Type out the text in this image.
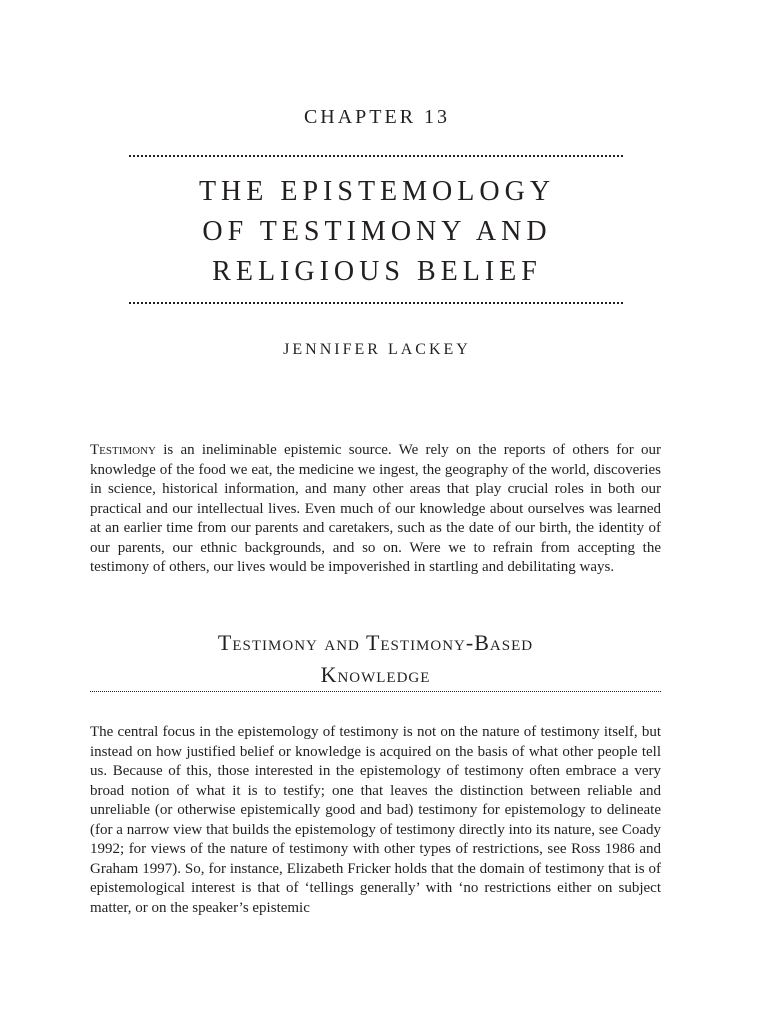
CHAPTER 13
THE EPISTEMOLOGY
OF TESTIMONY AND
RELIGIOUS BELIEF
JENNIFER LACKEY

Testimony is an ineliminable epistemic source. We rely on the reports of others for our knowledge of the food we eat, the medicine we ingest, the geography of the world, discoveries in science, historical information, and many other areas that play crucial roles in both our practical and our intellectual lives. Even much of our knowledge about ourselves was learned at an earlier time from our parents and caretakers, such as the date of our birth, the identity of our parents, our ethnic backgrounds, and so on. Were we to refrain from accepting the testimony of others, our lives would be impoverished in startling and debilitating ways.

Testimony and Testimony-Based
Knowledge

The central focus in the epistemology of testimony is not on the nature of testimony itself, but instead on how justified belief or knowledge is acquired on the basis of what other people tell us. Because of this, those interested in the epistemology of testimony often embrace a very broad notion of what it is to testify; one that leaves the distinction between reliable and unreliable (or otherwise epistemically good and bad) testimony for epistemology to delineate (for a narrow view that builds the epistemology of testimony directly into its nature, see Coady 1992; for views of the nature of testimony with other types of restrictions, see Ross 1986 and Graham 1997). So, for instance, Elizabeth Fricker holds that the domain of testimony that is of epistemological interest is that of ‘tellings generally’ with ‘no restrictions either on subject matter, or on the speaker’s epistemic
